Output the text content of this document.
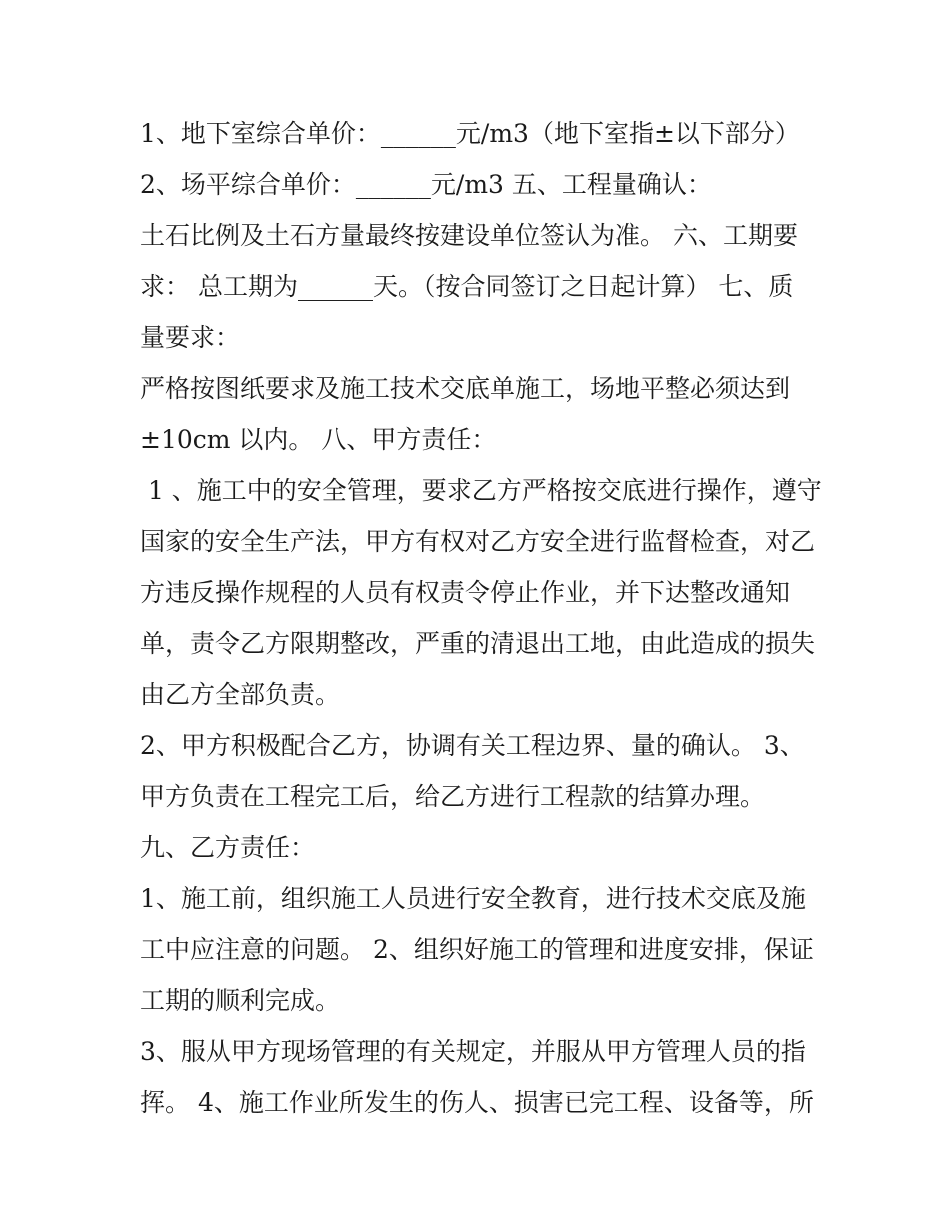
1、地下室综合单价：______元/m3（地下室指±以下部分）
2、场平综合单价：______元/m3 五、工程量确认：
土石比例及土石方量最终按建设单位签认为准。 六、工期要
求： 总工期为______天。（按合同签订之日起计算） 七、质
量要求：
严格按图纸要求及施工技术交底单施工，场地平整必须达到
±10cm 以内。 八、甲方责任：
1 、施工中的安全管理，要求乙方严格按交底进行操作，遵守
国家的安全生产法，甲方有权对乙方安全进行监督检查，对乙
方违反操作规程的人员有权责令停止作业，并下达整改通知
单，责令乙方限期整改，严重的清退出工地，由此造成的损失
由乙方全部负责。
2、甲方积极配合乙方，协调有关工程边界、量的确认。 3、
甲方负责在工程完工后，给乙方进行工程款的结算办理。
九、乙方责任：
1、施工前，组织施工人员进行安全教育，进行技术交底及施
工中应注意的问题。 2、组织好施工的管理和进度安排，保证
工期的顺利完成。
3、服从甲方现场管理的有关规定，并服从甲方管理人员的指
挥。 4、施工作业所发生的伤人、损害已完工程、设备等，所
